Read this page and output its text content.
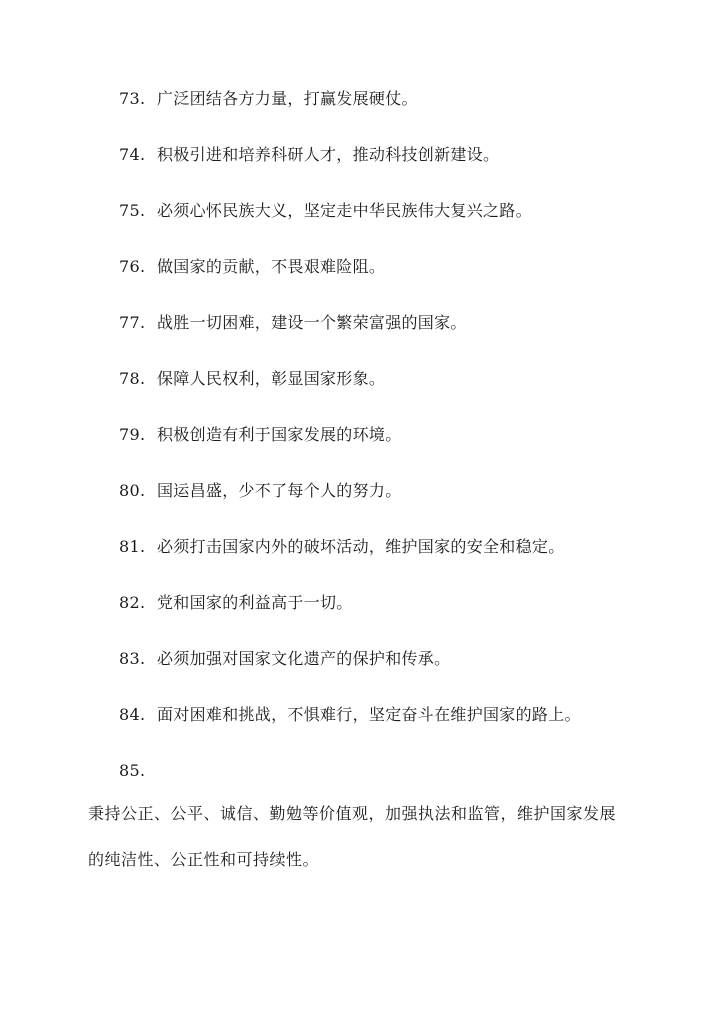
73. 广泛团结各方力量，打赢发展硬仗。
74. 积极引进和培养科研人才，推动科技创新建设。
75. 必须心怀民族大义，坚定走中华民族伟大复兴之路。
76. 做国家的贡献，不畏艰难险阻。
77. 战胜一切困难，建设一个繁荣富强的国家。
78. 保障人民权利，彰显国家形象。
79. 积极创造有利于国家发展的环境。
80. 国运昌盛，少不了每个人的努力。
81. 必须打击国家内外的破坏活动，维护国家的安全和稳定。
82. 党和国家的利益高于一切。
83. 必须加强对国家文化遗产的保护和传承。
84. 面对困难和挑战，不惧难行，坚定奋斗在维护国家的路上。
85.
秉持公正、公平、诚信、勤勉等价值观，加强执法和监管，维护国家发展
的纯洁性、公正性和可持续性。
